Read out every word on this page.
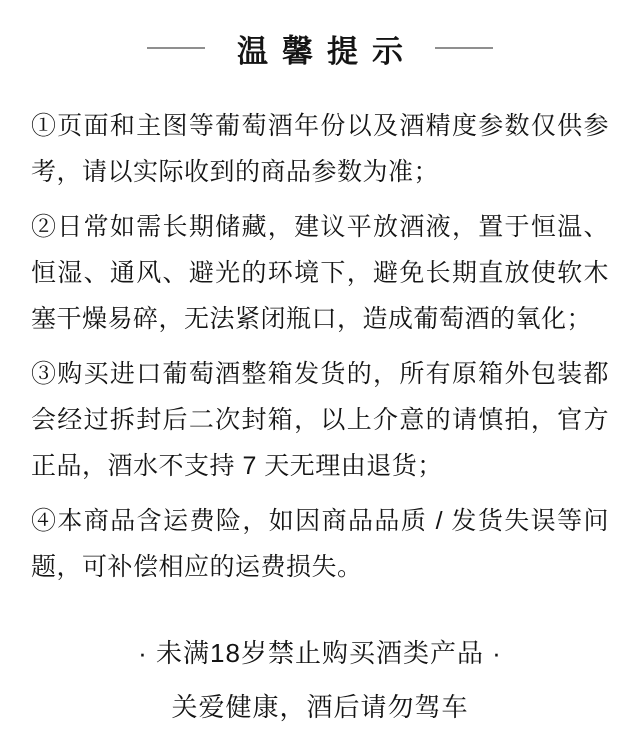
温馨提示

①页面和主图等葡萄酒年份以及酒精度参数仅供参考，请以实际收到的商品参数为准；

②日常如需长期储藏，建议平放酒液，置于恒温、恒湿、通风、避光的环境下，避免长期直放使软木塞干燥易碎，无法紧闭瓶口，造成葡萄酒的氧化；

③购买进口葡萄酒整箱发货的，所有原箱外包装都会经过拆封后二次封箱，以上介意的请慎拍，官方正品，酒水不支持 7 天无理由退货；

④本商品含运费险，如因商品品质 / 发货失误等问题，可补偿相应的运费损失。

· 未满18岁禁止购买酒类产品 ·

关爱健康，酒后请勿驾车
